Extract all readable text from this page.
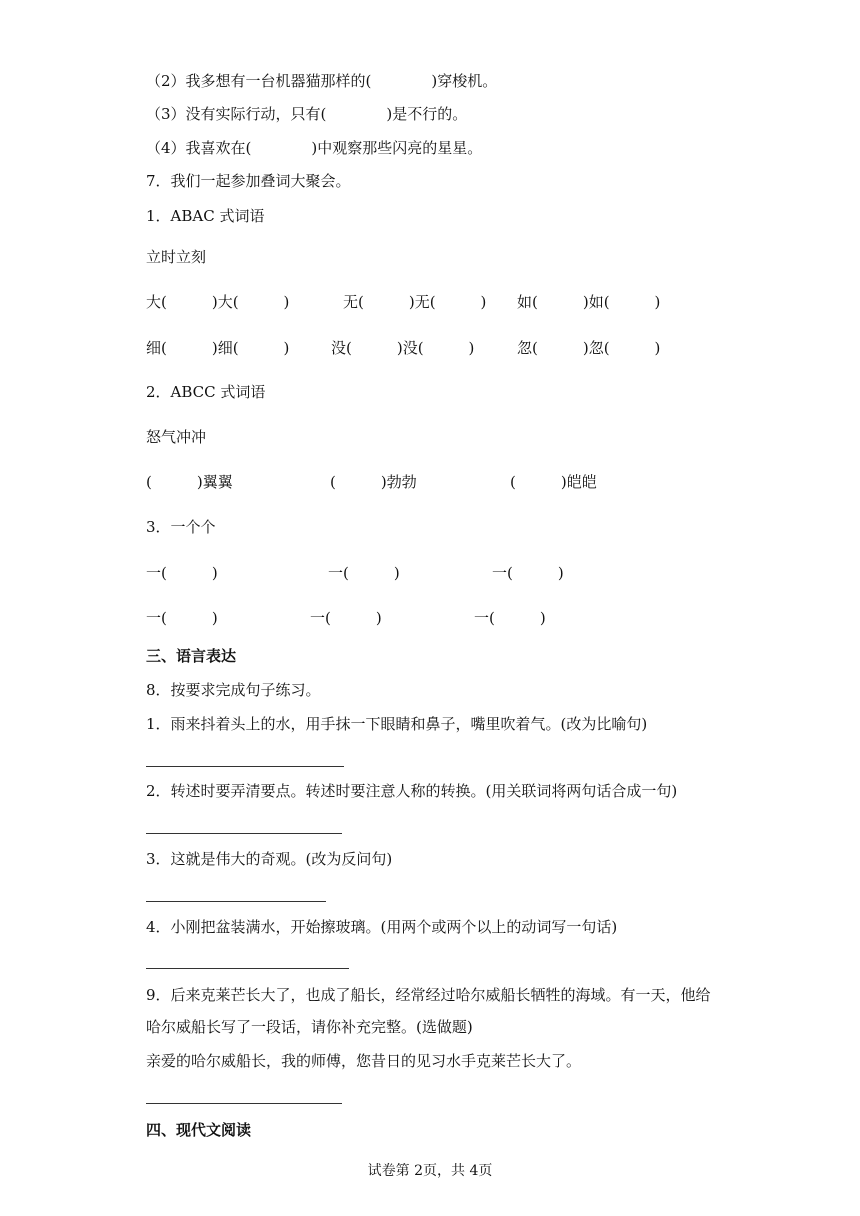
（2）我多想有一台机器猫那样的(　　　　)穿梭机。
（3）没有实际行动，只有(　　　　)是不行的。
（4）我喜欢在(　　　　)中观察那些闪亮的星星。
7．我们一起参加叠词大聚会。
1．ABAC 式词语
立时立刻
大(　　　)大(　　　)	无(　　　)无(　　　) 如(　　　)如(　　　)
细(　　　)细(　　　)	没(　　　)没(　　　)	忽(　　　)忽(　　　)
2．ABCC 式词语
怒气冲冲
(　　　)翼翼	(　　　)勃勃	(　　　)皑皑
3．一个个
一(　　　)	一(　　　)	一(　　　)
一(　　　)	一(　　　)	一(　　　)
三、语言表达
8．按要求完成句子练习。
1．雨来抖着头上的水，用手抹一下眼睛和鼻子，嘴里吹着气。(改为比喻句)
2．转述时要弄清要点。转述时要注意人称的转换。(用关联词将两句话合成一句)
3．这就是伟大的奇观。(改为反问句)
4．小刚把盆装满水，开始擦玻璃。(用两个或两个以上的动词写一句话)
9．后来克莱芒长大了，也成了船长，经常经过哈尔威船长牺牲的海域。有一天，他给
哈尔威船长写了一段话，请你补充完整。(选做题)
亲爱的哈尔威船长，我的师傅，您昔日的见习水手克莱芒长大了。
四、现代文阅读
试卷第 2页，共 4页
